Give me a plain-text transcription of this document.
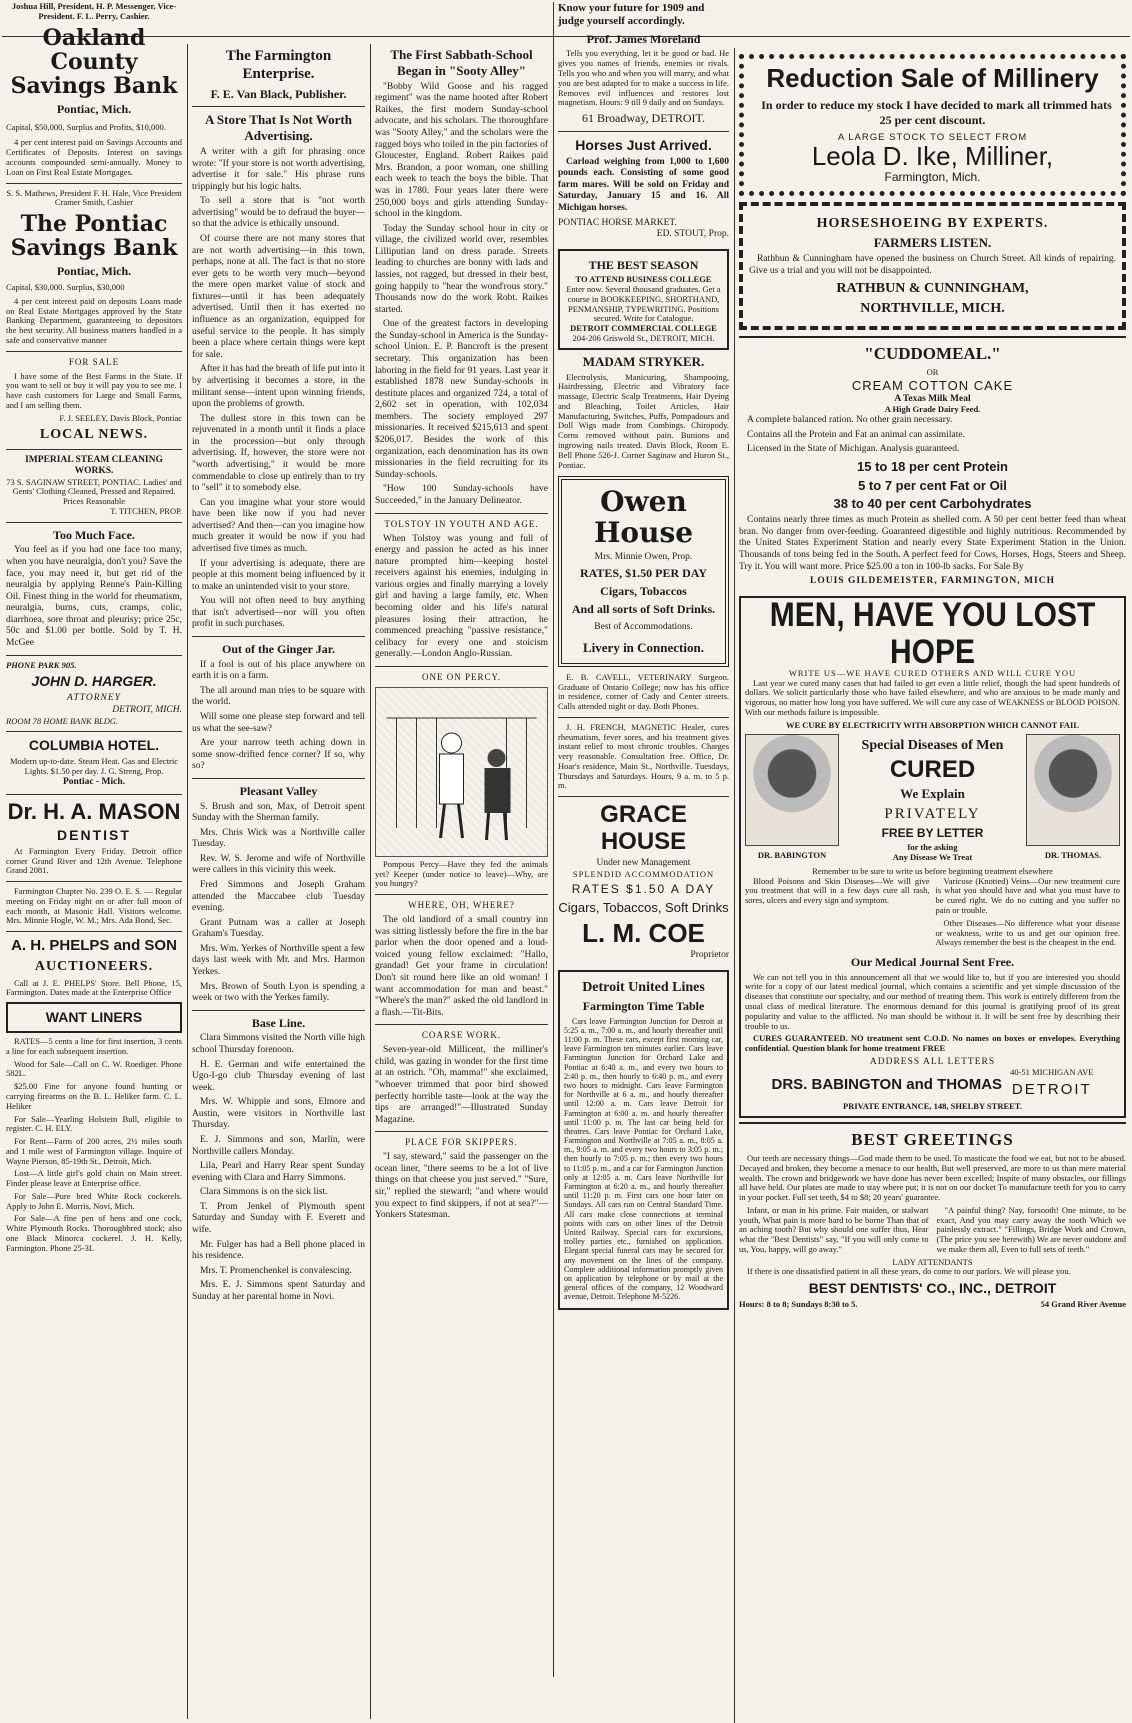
Joshua Hill, President, H. P. Messenger, Vice-President. F. L. Perry, Cashier.
Oakland County Savings Bank
Pontiac, Mich.
Capital, $50,000, Surplus and Profits, $10,000.

4 per cent interest paid on Savings Accounts and Certificates of Deposits. Interest on savings accounts compounded semi-annually. Money to Loan on First Real Estate Mortgages.

S. S. Mathews, President F. H. Hale, Vice President Cramer Smith, Cashier
The Pontiac Savings Bank
Pontiac, Mich.
Capital, $30,000. Surplus, $30,000

4 per cent interest paid on deposits Loans made on Real Estate Mortgages approved by the State Banking Department, guaranteeing to depositors the best security. All business matters handled in a safe and conservative manner

FOR SALE

I have some of the Best Farms in the State. If you want to sell or buy it will pay you to see me. I have cash customers for Large and Small Farms, and I am selling them.

F. J. SEELEY, Davis Block, Pontiac
LOCAL NEWS.
IMPERIAL STEAM CLEANING WORKS.
73 S. SAGINAW STREET, PONTIAC. Ladies' and Gents' Clothing Cleaned, Pressed and Repaired. Prices Reasonable
T. TITCHEN, PROP.
Too Much Face.

You feel as if you had one face too many, when you have neuralgia, don't you? Save the face, you may need it, but get rid of the neuralgia by applying Renne's Pain-Killing Oil. Finest thing in the world for rheumatism, neuralgia, burns, cuts, cramps, colic, diarrhoea, sore throat and pleurisy; price 25c, 50c and $1.00 per bottle. Sold by T. H. McGee

PHONE PARK 905.
JOHN D. HARGER.
ATTORNEY
DETROIT, MICH.
ROOM 78 HOME BANK BLDG.
COLUMBIA HOTEL.
Modern up-to-date. Steam Heat. Gas and Electric Lights. $1.50 per day. J. G. Streng, Prop.
Pontiac - Mich.
Dr. H. A. MASON
DENTIST

At Farmington Every Friday. Detroit office corner Grand River and 12th Avenue. Telephone Grand 2081.

Farmington Chapter No. 239 O. E. S. — Regular meeting on Friday night on or after full moon of each month, at Masonic Hall. Visitors welcome. Mrs. Minnie Hogle, W. M.; Mrs. Ada Bond, Sec.

A. H. PHELPS and SON
AUCTIONEERS.

Call at J. E. PHELPS' Store. Bell Phone, 15, Farmington. Dates made at the Enterprise Office

WANT LINERS

RATES—5 cents a line for first insertion, 3 cents a line for each subsequent insertion.

Wood for Sale—Call on C. W. Roediger. Phone 582L.

$25.00 Fine for anyone found hunting or carrying firearms on the B. L. Heliker farm. C. L. Heliker

For Sale—Yearling Holstein Bull, eligible to register. C. H. ELY.

For Rent—Farm of 200 acres, 2½ miles south and 1 mile west of Farmington village. Inquire of Wayne Pierson, 85-19th St., Detroit, Mich.

Lost—A little girl's gold chain on Main street. Finder please leave at Enterprise office.

For Sale—Pure bred White Rock cockerels. Apply to John E. Morris, Novi, Mich.

For Sale—A fine pen of hens and one cock, White Plymouth Rocks. Thoroughbred stock; also one Black Minorca cockerel. J. H. Kelly, Farmington. Phone 25-3L

The Farmington Enterprise.
F. E. Van Black, Publisher.
A Store That Is Not Worth Advertising.

A writer with a gift for phrasing once wrote: "If your store is not worth advertising, advertise it for sale." His phrase runs trippingly but his logic halts.

To sell a store that is "not worth advertising" would be to defraud the buyer—so that the advice is ethically unsound.

Of course there are not many stores that are not worth advertising—in this town, perhaps, none at all. The fact is that no store ever gets to be worth very much—beyond the mere open market value of stock and fixtures—until it has been adequately advertised. Until then it has exerted no influence as an organization, equipped for useful service to the people. It has simply been a place where certain things were kept for sale.

After it has had the breath of life put into it by advertising it becomes a store, in the militant sense—intent upon winning friends, upon the problems of growth.

The dullest store in this town can be rejuvenated in a month until it finds a place in the procession—but only through advertising. If, however, the store were not "worth advertising," it would be more commendable to close up entirely than to try to "sell" it to somebody else.

Can you imagine what your store would have been like now if you had never advertised? And then—can you imagine how much greater it would be now if you had advertised five times as much.

If your advertising is adequate, there are people at this moment being influenced by it to make an unintended visit to your store.

You will not often need to buy anything that isn't advertised—nor will you often profit in such purchases.

Out of the Ginger Jar.

If a fool is out of his place anywhere on earth it is on a farm.

The all around man tries to be square with the world.

Will some one please step forward and tell us what the see-saw?

Are your narrow teeth aching down in some snow-drifted fence corner? If so, why so?

Pleasant Valley

S. Brush and son, Max, of Detroit spent Sunday with the Sherman family.

Mrs. Chris Wick was a Northville caller Tuesday.

Rev. W. S. Jerome and wife of Northville were callers in this vicinity this week.

Fred Simmons and Joseph Graham attended the Maccabee club Tuesday evening.

Grant Putnam was a caller at Joseph Graham's Tuesday.

Mrs. Wm. Yerkes of Northville spent a few days last week with Mr. and Mrs. Harmon Yerkes.

Mrs. Brown of South Lyon is spending a week or two with the Yerkes family.

Base Line.

Clara Simmons visited the North ville high school Thursday forenoon.

H. E. German and wife entertained the Ugo-I-go club Thursday evening of last week.

Mrs. W. Whipple and sons, Elmore and Austin, were visitors in Northville last Thursday.

E. J. Simmons and son, Marlin, were Northville callers Monday.

Lila, Pearl and Harry Rear spent Sunday evening with Clara and Harry Simmons.

Clara Simmons is on the sick list.

T. Prom Jenkel of Plymouth spent Saturday and Sunday with F. Everett and wife.

Mr. Fulger has had a Bell phone placed in his residence.

Mrs. T. Promenchenkel is convalescing.

Mrs. E. J. Simmons spent Saturday and Sunday at her parental home in Novi.

The First Sabbath-School Began in "Sooty Alley"

"Bobby Wild Goose and his ragged regiment" was the name hooted after Robert Raikes, the first modern Sunday-school advocate, and his scholars. The thoroughfare was "Sooty Alley," and the scholars were the ragged boys who toiled in the pin factories of Gloucester, England. Robert Raikes paid Mrs. Brandon, a poor woman, one shilling each week to teach the boys the bible. That was in 1780. Four years later there were 250,000 boys and girls attending Sunday-school in the kingdom.

Today the Sunday school hour in city or village, the civilized world over, resembles Lilliputian land on dress parade. Streets leading to churches are bonny with lads and lassies, not ragged, but dressed in their best, going happily to "hear the wond'rous story." Thousands now do the work Robt. Raikes started.

One of the greatest factors in developing the Sunday-school in America is the Sunday-school Union. E. P. Bancroft is the present secretary. This organization has been laboring in the field for 91 years. Last year it established 1878 new Sunday-schools in destitute places and organized 724, a total of 2,602 set in operation, with 102,034 members. The society employed 297 missionaries. It received $215,613 and spent $206,017. Besides the work of this organization, each denomination has its own missionaries in the field recruiting for its Sunday-schools.

"How 100 Sunday-schools have Succeeded," in the January Delineator.

TOLSTOY IN YOUTH AND AGE.

When Tolstoy was young and full of energy and passion he acted as his inner nature prompted him—keeping hostel receivers against his enemies, indulging in various orgies and finally marrying a lovely girl and having a large family, etc. When becoming older and his life's natural pleasures losing their attraction, he commenced preaching "passive resistance," celibacy for every one and stoicism generally.—London Anglo-Russian.

ONE ON PERCY.

Pompous Percy—Have they fed the animals yet? Keeper (under notice to leave)—Why, are you hungry?

WHERE, OH, WHERE?

The old landlord of a small country inn was sitting listlessly before the fire in the bar parlor when the door opened and a loud-voiced young fellow exclaimed: "Hallo, grandad! Get your frame in circulation! Don't sit round here like an old woman! I want accommodation for man and beast." "Where's the man?" asked the old landlord in a flash.—Tit-Bits.

COARSE WORK.

Seven-year-old Millicent, the milliner's child, was gazing in wonder for the first time at an ostrich. "Oh, mamma!" she exclaimed, "whoever trimmed that poor bird showed perfectly horrible taste—look at the way the tips are arranged!"—Illustrated Sunday Magazine.

PLACE FOR SKIPPERS.

"I say, steward," said the passenger on the ocean liner, "there seems to be a lot of live things on that cheese you just served." "Sure, sir," replied the steward; "and where would you expect to find skippers, if not at sea?"—Yonkers Statesman.

Know your future for 1909 and judge yourself accordingly.
Prof. James Moreland

Tells you everything, let it be good or bad. He gives you names of friends, enemies or rivals. Tells you who and when you will marry, and what you are best adapted for to make a success in life. Removes evil influences and restores lost magnetism. Hours: 9 till 9 daily and on Sundays.

61 Broadway, DETROIT.
Horses Just Arrived.

Carload weighing from 1,000 to 1,600 pounds each. Consisting of some good farm mares. Will be sold on Friday and Saturday, January 15 and 16. All Michigan horses.

PONTIAC HORSE MARKET.
ED. STOUT, Prop.
THE BEST SEASON
TO ATTEND BUSINESS COLLEGE
Enter now. Several thousand graduates. Get a course in BOOKKEEPING, SHORTHAND, PENMANSHIP, TYPEWRITING. Positions secured. Write for Catalogue.
DETROIT COMMERCIAL COLLEGE
204-206 Griswold St., DETROIT, MICH.
MADAM STRYKER.

Electrolysis, Manicuring, Shampooing, Hairdressing, Electric and Vibratory face massage, Electric Scalp Treatments, Hair Dyeing and Bleaching, Toilet Articles, Hair Manufacturing, Switches, Puffs, Pompadours and Doll Wigs made from Combings. Chiropody. Corns removed without pain. Bunions and ingrowing nails treated. Davis Block, Room E. Bell Phone 526-J. Corner Saginaw and Huron St., Pontiac.

Owen House
Mrs. Minnie Owen, Prop.
RATES, $1.50 PER DAY
Cigars, Tobaccos
And all sorts of Soft Drinks.
Best of Accommodations.
Livery in Connection.

E. B. CAVELL, VETERINARY Surgeon. Graduate of Ontario College; now has his office in residence, corner of Cady and Center streets. Calls attended night or day. Both Phones.

J. H. FRENCH, MAGNETIC Healer, cures rheumatism, fever sores, and his treatment gives instant relief to most chronic troubles. Charges very reasonable. Consultation free. Office, Dr. Hoar's residence, Main St., Northville. Tuesdays, Thursdays and Saturdays. Hours, 9 a. m. to 5 p. m.

GRACE HOUSE
Under new Management
SPLENDID ACCOMMODATION
RATES $1.50 A DAY
Cigars, Tobaccos, Soft Drinks
L. M. COE
Proprietor
Detroit United Lines
Farmington Time Table

Cars leave Farmington Junction for Detroit at 5:25 a. m., 7:00 a. m., and hourly thereafter until 11:00 p. m. These cars, except first morning car, leave Farmington ten minutes earlier. Cars leave Farmington Junction for Orchard Lake and Pontiac at 6:40 a. m., and every two hours to 2:40 p. m., then hourly to 6:40 p. m., and every two hours to midnight. Cars leave Farmington for Northville at 6 a. m., and hourly thereafter until 12:00 a. m. Cars leave Detroit for Farmington at 6:00 a. m. and hourly thereafter until 11:00 p. m. The last car being held for theatres. Cars leave Pontiac for Orchard Lake, Farmington and Northville at 7:05 a. m., 8:05 a. m., 9:05 a. m. and every two hours to 3:05 p. m.; then hourly to 7:05 p. m.; then every two hours to 11:05 p. m., and a car for Farmington Junction only at 12:05 a. m. Cars leave Northville for Farmington at 6:20 a. m., and hourly thereafter until 11:20 p. m. First cars one hour later on Sundays. All cars run on Central Standard Time. All cars make close connections at terminal points with cars on other lines of the Detroit United Railway. Special cars for excursions, trolley parties etc., furnished on application. Elegant special funeral cars may be secured for any movement on the lines of the company. Complete additional information promptly given on application by telephone or by mail at the general offices of the company, 12 Woodward avenue, Detroit. Telephone M-5226.

Reduction Sale of Millinery

In order to reduce my stock I have decided to mark all trimmed hats 25 per cent discount.

A LARGE STOCK TO SELECT FROM
Leola D. Ike, Milliner,
Farmington, Mich.
HORSESHOEING BY EXPERTS.
FARMERS LISTEN.

Rathbun & Cunningham have opened the business on Church Street. All kinds of repairing. Give us a trial and you will not be disappointed.

RATHBUN & CUNNINGHAM,
NORTHVILLE, MICH.
"CUDDOMEAL."
OR
CREAM COTTON CAKE
A Texas Milk Meal
A High Grade Dairy Feed.

A complete balanced ration. No other grain necessary.

Contains all the Protein and Fat an animal can assimilate.

Licensed in the State of Michigan. Analysis guaranteed.

15 to 18 per cent Protein
5 to 7 per cent Fat or Oil
38 to 40 per cent Carbohydrates

Contains nearly three times as much Protein as shelled corn. A 50 per cent better feed than wheat bran. No danger from over-feeding. Guaranteed digestible and highly nutritious. Recommended by the United States Experiment Station and nearly every State Experiment Station in the Union. Thousands of tons being fed in the South. A perfect feed for Cows, Horses, Hogs, Steers and Sheep. Try it. You will want more. Price $25.00 a ton in 100-lb sacks. For Sale By

LOUIS GILDEMEISTER, FARMINGTON, MICH
MEN, HAVE YOU LOST HOPE
WRITE US—WE HAVE CURED OTHERS AND WILL CURE YOU

Last year we cured many cases that had failed to get even a little relief, though the had spent hundreds of dollars. We solicit particularly those who have failed elsewhere, and who are anxious to be made manly and vigorous, no matter how long you have suffered. We will cure any case of WEAKNESS or BLOOD POISON. With our methods failure is impossible.

WE CURE BY ELECTRICITY WITH ABSORPTION WHICH CANNOT FAIL
DR. BABINGTON
Special Diseases of Men
CURED
We Explain
PRIVATELY
FREE BY LETTER
for the asking
Any Disease We Treat	DR. THOMAS.
Remember to be sure to write us before beginning treatment elsewhere

Blood Poisons and Skin Diseases—We will give you treatment that will in a few days cure all rash, sores, ulcers and every sign and symptom.

Varicose (Knotted) Veins—Our new treatment cure is what you should have and what you must have to be cured right. We do no cutting and you suffer no pain or trouble.

Other Diseases—No difference what your disease or weakness, write to us and get our opinion free. Always remember the best is the cheapest in the end.

Our Medical Journal Sent Free.

We can not tell you in this announcement all that we would like to, but if you are interested you should write for a copy of our latest medical journal, which contains a scientific and yet simple discussion of the diseases that constitute our specialty, and our method of treating them. This work is entirely different from the usual class of medical literature. The enormous demand for this journal is gratifying proof of its great popularity and value to the afflicted. No man should be without it. It will be sent free by describing their trouble to us.

CURES GUARANTEED. NO treatment sent C.O.D. No names on boxes or envelopes. Everything confidential. Question blank for home treatment FREE

ADDRESS ALL LETTERS
DRS. BABINGTON and THOMAS
40-51 MICHIGAN AVE
DETROIT
PRIVATE ENTRANCE, 148, SHELBY STREET.
BEST GREETINGS

Our teeth are necessary things—God made them to be used. To masticate the food we eat, but not to be abused. Decayed and broken, they become a menace to our health, But well preserved, are more to us than mere material wealth. The crown and bridgework we have done has never been excelled; Inspite of many obstacles, our fillings all have held. Our plates are made to stay where put; it is not on our docket To manufacture teeth for you to carry in your pocket. Full set teeth, $4 to $8; 20 years' guarantee.

Infant, or man in his prime. Fair maiden, or stalwart youth, What pain is more hard to be borne Than that of an aching tooth? But why should one suffer thus, Hear what the "Best Dentists" say, "If you will only come to us, You, happy, will go away."

"A painful thing? Nay, forsooth! One minute, to be exact, And you may carry away the tooth Which we painlessly extract." "Fillings, Bridge Work and Crown, (The price you see herewith) We are never outdone and we make them all, Even to full sets of teeth."

LADY ATTENDANTS

If there is one dissatisfied patient in all these years, do come to our parlors. We will please you.

BEST DENTISTS' CO., INC., DETROIT
Hours: 8 to 8; Sundays 8:30 to 5.	54 Grand River Avenue
